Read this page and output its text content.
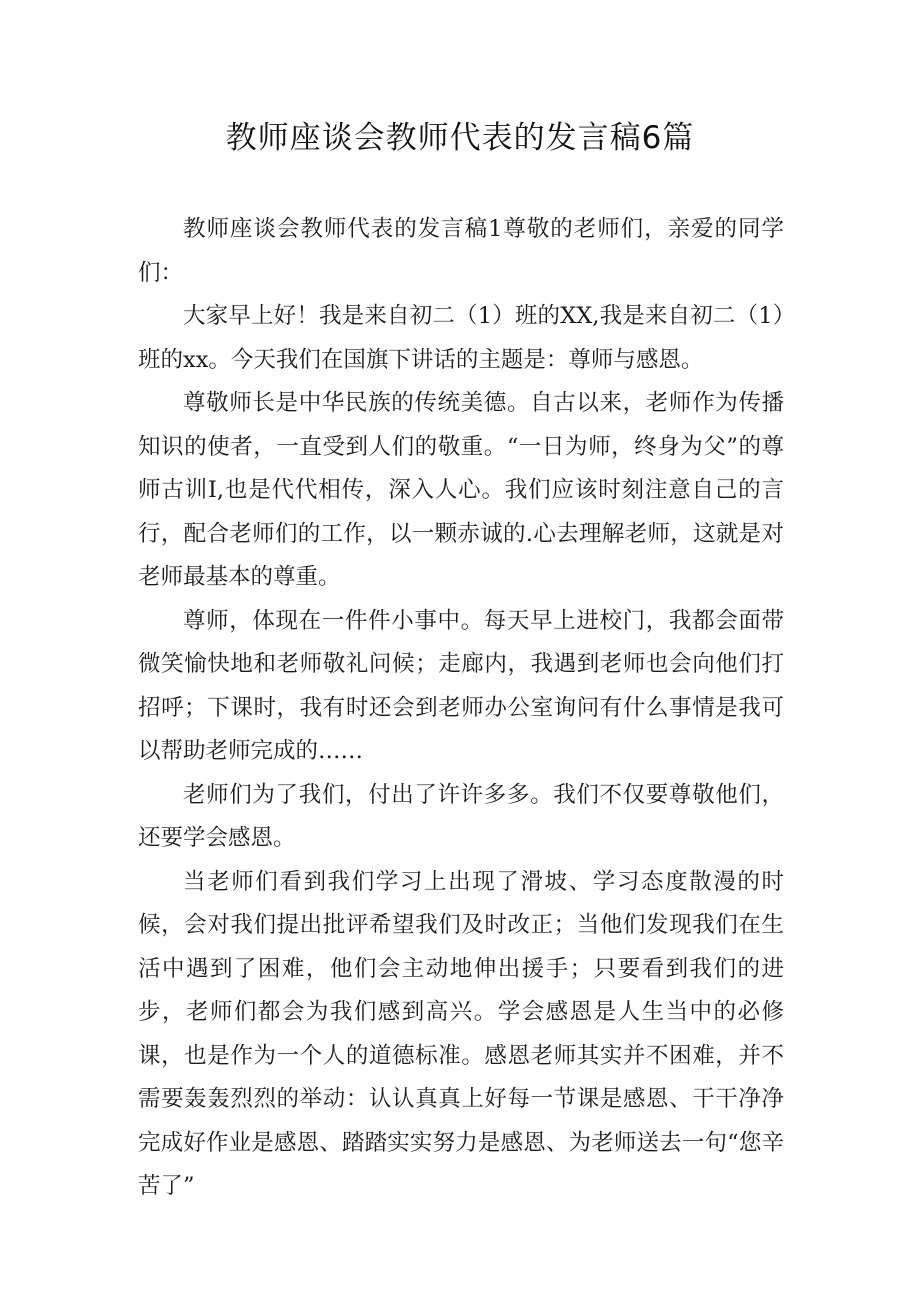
教师座谈会教师代表的发言稿6篇

教师座谈会教师代表的发言稿1尊敬的老师们，亲爱的同学们：

大家早上好！我是来自初二（1）班的XX,我是来自初二（1）班的xx。今天我们在国旗下讲话的主题是：尊师与感恩。

尊敬师长是中华民族的传统美德。自古以来，老师作为传播知识的使者，一直受到人们的敬重。“一日为师，终身为父”的尊师古训I,也是代代相传，深入人心。我们应该时刻注意自己的言行，配合老师们的工作，以一颗赤诚的.心去理解老师，这就是对老师最基本的尊重。

尊师，体现在一件件小事中。每天早上进校门，我都会面带微笑愉快地和老师敬礼问候；走廊内，我遇到老师也会向他们打招呼；下课时，我有时还会到老师办公室询问有什么事情是我可以帮助老师完成的……

老师们为了我们，付出了许许多多。我们不仅要尊敬他们，还要学会感恩。

当老师们看到我们学习上出现了滑坡、学习态度散漫的时候，会对我们提出批评希望我们及时改正；当他们发现我们在生活中遇到了困难，他们会主动地伸出援手；只要看到我们的进步，老师们都会为我们感到高兴。学会感恩是人生当中的必修课，也是作为一个人的道德标准。感恩老师其实并不困难，并不需要轰轰烈烈的举动：认认真真上好每一节课是感恩、干干净净完成好作业是感恩、踏踏实实努力是感恩、为老师送去一句“您辛苦了”
